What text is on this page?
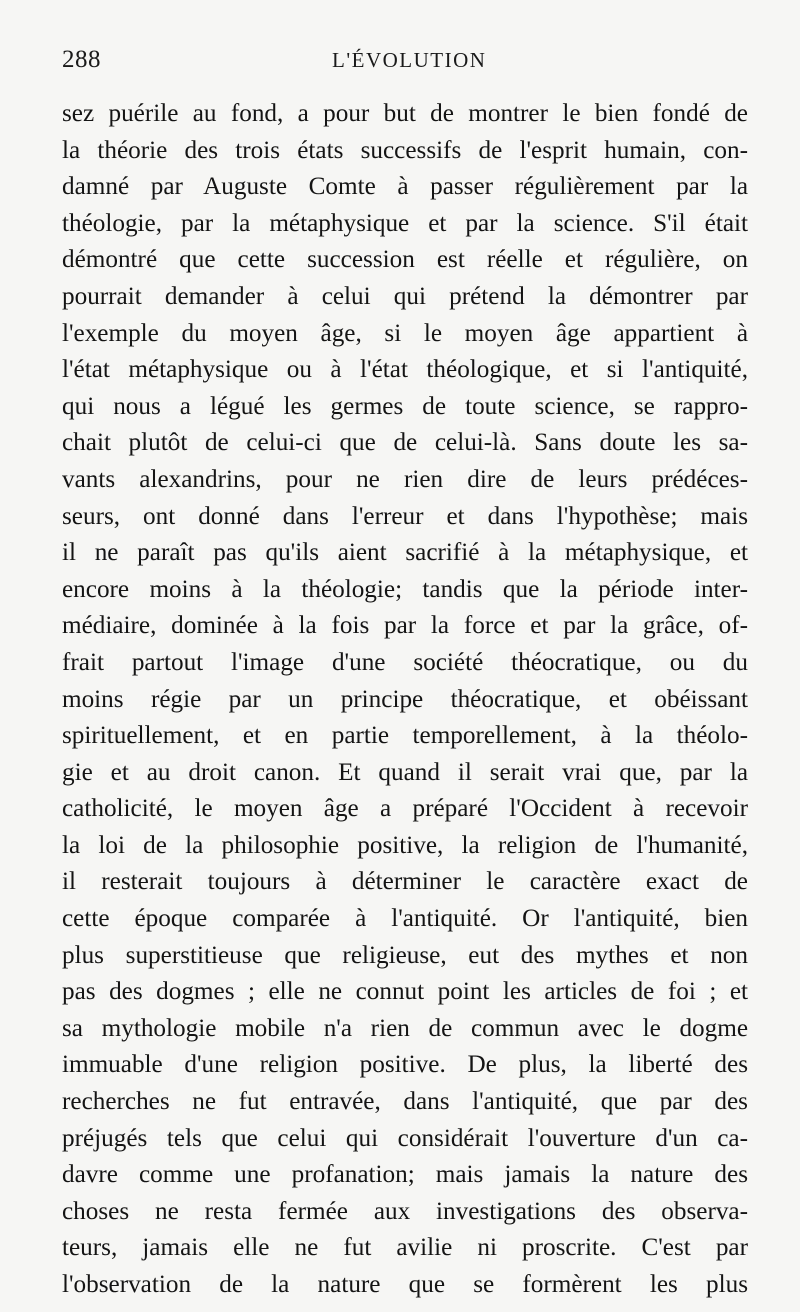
288	L'ÉVOLUTION
sez puérile au fond, a pour but de montrer le bien fondé de
la théorie des trois états successifs de l'esprit humain, con-
damné par Auguste Comte à passer régulièrement par la
théologie, par la métaphysique et par la science. S'il était
démontré que cette succession est réelle et régulière, on
pourrait demander à celui qui prétend la démontrer par
l'exemple du moyen âge, si le moyen âge appartient à
l'état métaphysique ou à l'état théologique, et si l'antiquité,
qui nous a légué les germes de toute science, se rappro-
chait plutôt de celui-ci que de celui-là. Sans doute les sa-
vants alexandrins, pour ne rien dire de leurs prédéces-
seurs, ont donné dans l'erreur et dans l'hypothèse; mais
il ne paraît pas qu'ils aient sacrifié à la métaphysique, et
encore moins à la théologie; tandis que la période inter-
médiaire, dominée à la fois par la force et par la grâce, of-
frait partout l'image d'une société théocratique, ou du
moins régie par un principe théocratique, et obéissant
spirituellement, et en partie temporellement, à la théolo-
gie et au droit canon. Et quand il serait vrai que, par la
catholicité, le moyen âge a préparé l'Occident à recevoir
la loi de la philosophie positive, la religion de l'humanité,
il resterait toujours à déterminer le caractère exact de
cette époque comparée à l'antiquité. Or l'antiquité, bien
plus superstitieuse que religieuse, eut des mythes et non
pas des dogmes ; elle ne connut point les articles de foi ; et
sa mythologie mobile n'a rien de commun avec le dogme
immuable d'une religion positive. De plus, la liberté des
recherches ne fut entravée, dans l'antiquité, que par des
préjugés tels que celui qui considérait l'ouverture d'un ca-
davre comme une profanation; mais jamais la nature des
choses ne resta fermée aux investigations des observa-
teurs, jamais elle ne fut avilie ni proscrite. C'est par
l'observation de la nature que se formèrent les plus
